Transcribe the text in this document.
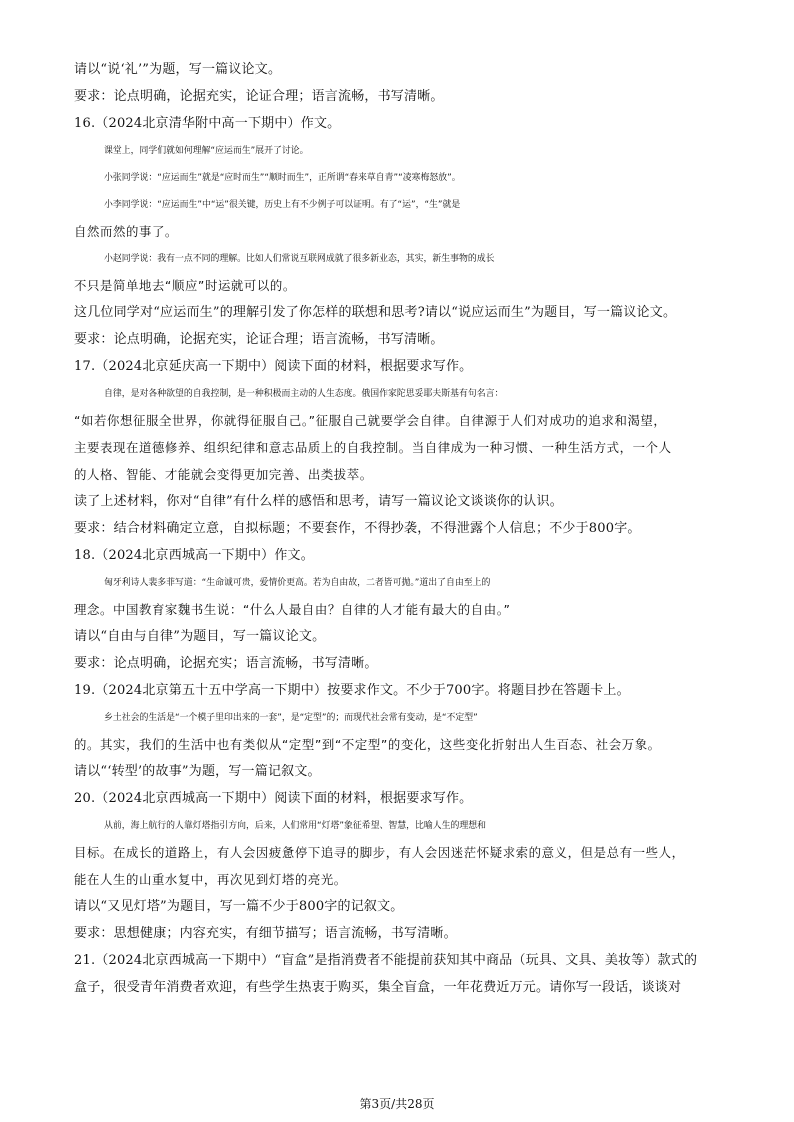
请以“说‘礼’”为题，写一篇议论文。
要求：论点明确，论据充实，论证合理；语言流畅，书写清晰。
16.（2024北京清华附中高一下期中）作文。
课堂上，同学们就如何理解“应运而生”展开了讨论。
小张同学说：“应运而生”就是“应时而生”“顺时而生”，正所谓“春来草自青”“凌寒梅怒放”。
小李同学说：“应运而生”中“运”很关键，历史上有不少例子可以证明。有了“运”，“生”就是
自然而然的事了。
小赵同学说：我有一点不同的理解。比如人们常说互联网成就了很多新业态，其实，新生事物的成长
不只是简单地去“顺应”时运就可以的。
这几位同学对“应运而生”的理解引发了你怎样的联想和思考?请以“说应运而生”为题目，写一篇议论文。
要求：论点明确，论据充实，论证合理；语言流畅，书写清晰。
17.（2024北京延庆高一下期中）阅读下面的材料，根据要求写作。
自律，是对各种欲望的自我控制，是一种积极而主动的人生态度。俄国作家陀思妥耶夫斯基有句名言：
“如若你想征服全世界，你就得征服自己。”征服自己就要学会自律。自律源于人们对成功的追求和渴望，
主要表现在道德修养、组织纪律和意志品质上的自我控制。当自律成为一种习惯、一种生活方式，一个人
的人格、智能、才能就会变得更加完善、出类拔萃。
读了上述材料，你对“自律”有什么样的感悟和思考，请写一篇议论文谈谈你的认识。
要求：结合材料确定立意，自拟标题；不要套作，不得抄袭，不得泄露个人信息；不少于800字。
18.（2024北京西城高一下期中）作文。
匈牙利诗人裴多菲写道：“生命诚可贵，爱情价更高。若为自由故，二者皆可抛。”道出了自由至上的
理念。中国教育家魏书生说：“什么人最自由？自律的人才能有最大的自由。”
请以“自由与自律”为题目，写一篇议论文。
要求：论点明确，论据充实；语言流畅，书写清晰。
19.（2024北京第五十五中学高一下期中）按要求作文。不少于700字。将题目抄在答题卡上。
乡土社会的生活是“一个模子里印出来的一套”，是“定型”的；而现代社会常有变动，是“不定型”
的。其实，我们的生活中也有类似从“定型”到“不定型”的变化，这些变化折射出人生百态、社会万象。
请以“‘转型’的故事”为题，写一篇记叙文。
20.（2024北京西城高一下期中）阅读下面的材料，根据要求写作。
从前，海上航行的人靠灯塔指引方向，后来，人们常用“灯塔”象征希望、智慧，比喻人生的理想和
目标。在成长的道路上，有人会因疲惫停下追寻的脚步，有人会因迷茫怀疑求索的意义，但是总有一些人，
能在人生的山重水复中，再次见到灯塔的亮光。
请以“又见灯塔”为题目，写一篇不少于800字的记叙文。
要求：思想健康；内容充实，有细节描写；语言流畅，书写清晰。
21.（2024北京西城高一下期中）“盲盒”是指消费者不能提前获知其中商品（玩具、文具、美妆等）款式的
盒子，很受青年消费者欢迎，有些学生热衷于购买，集全盲盒，一年花费近万元。请你写一段话，谈谈对
第3页/共28页
